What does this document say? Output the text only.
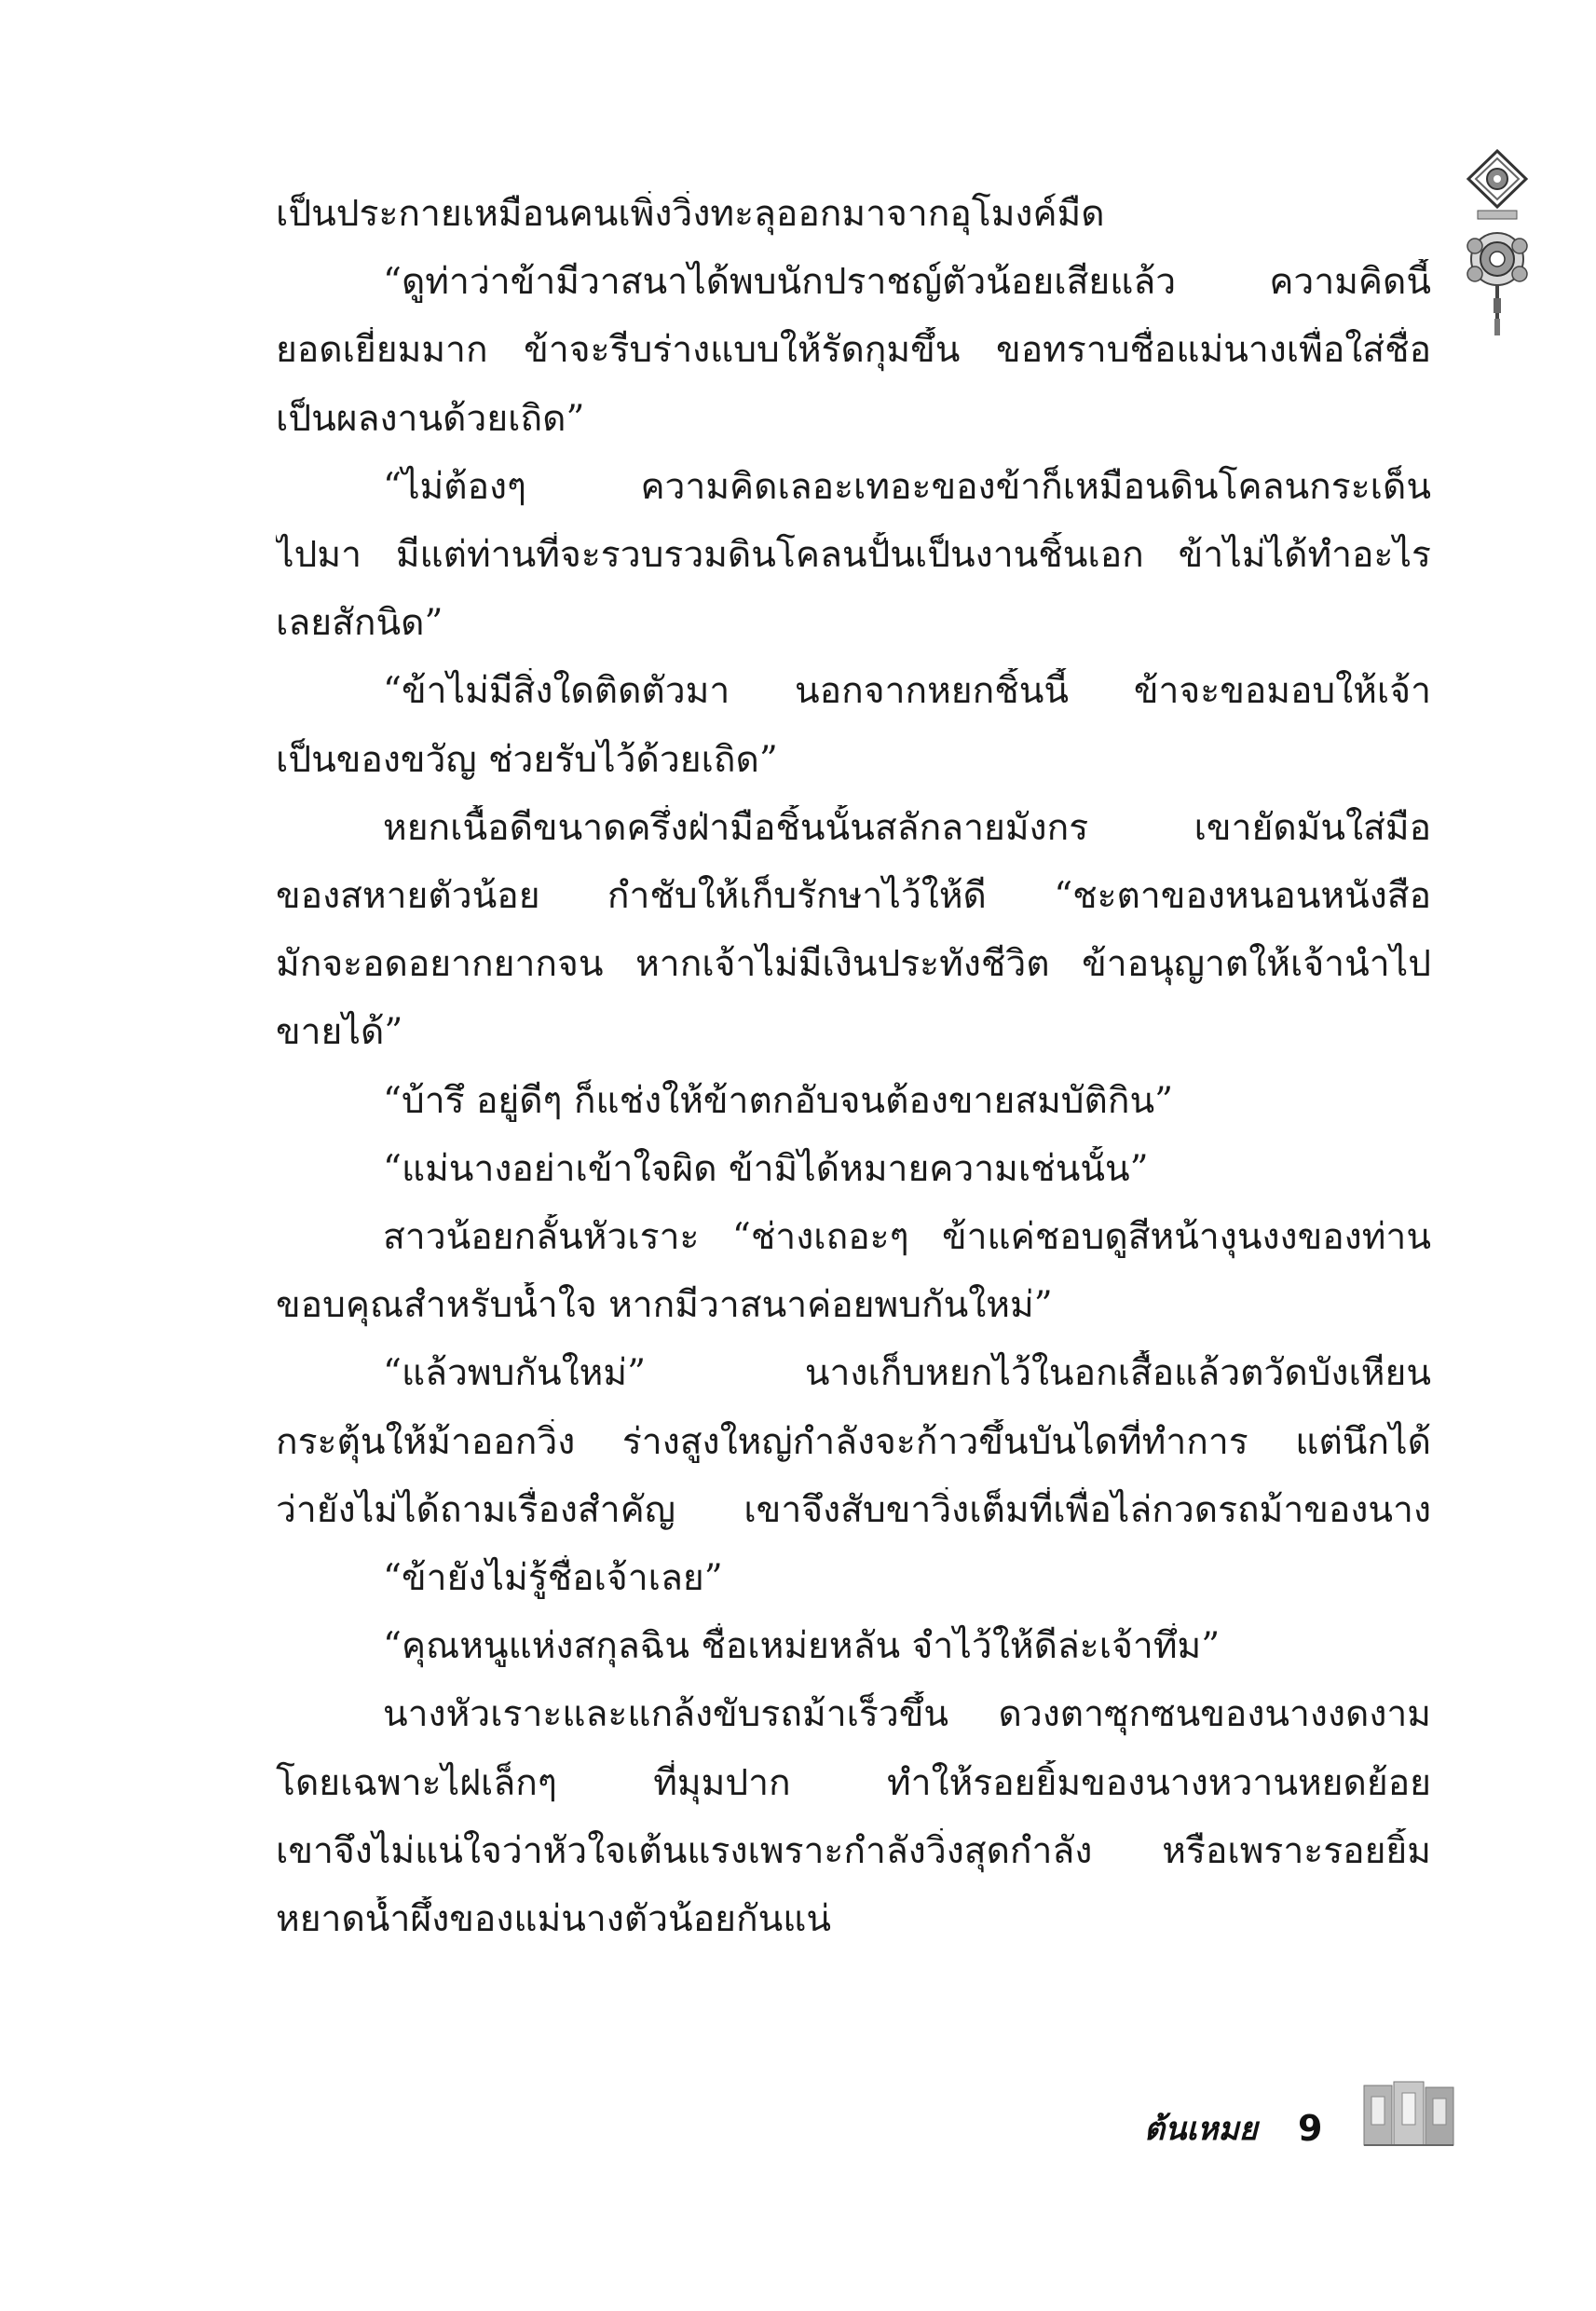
เป็นประกายเหมือนคนเพิ่งวิ่งทะลุออกมาจากอุโมงค์มืด
“ดูท่าว่าข้ามีวาสนาได้พบนักปราชญ์ตัวน้อยเสียแล้ว ความคิดนี้
ยอดเยี่ยมมาก ข้าจะรีบร่างแบบให้รัดกุมขึ้น ขอทราบชื่อแม่นางเพื่อใส่ชื่อ
เป็นผลงานด้วยเถิด”
“ไม่ต้องๆ ความคิดเลอะเทอะของข้าก็เหมือนดินโคลนกระเด็น
ไปมา มีแต่ท่านที่จะรวบรวมดินโคลนปั้นเป็นงานชิ้นเอก ข้าไม่ได้ทำอะไร
เลยสักนิด”
“ข้าไม่มีสิ่งใดติดตัวมา นอกจากหยกชิ้นนี้ ข้าจะขอมอบให้เจ้า
เป็นของขวัญ ช่วยรับไว้ด้วยเถิด”
หยกเนื้อดีขนาดครึ่งฝ่ามือชิ้นนั้นสลักลายมังกร เขายัดมันใส่มือ
ของสหายตัวน้อย กำชับให้เก็บรักษาไว้ให้ดี “ชะตาของหนอนหนังสือ
มักจะอดอยากยากจน หากเจ้าไม่มีเงินประทังชีวิต ข้าอนุญาตให้เจ้านำไป
ขายได้”
“บ้ารึ อยู่ดีๆ ก็แช่งให้ข้าตกอับจนต้องขายสมบัติกิน”
“แม่นางอย่าเข้าใจผิด ข้ามิได้หมายความเช่นนั้น”
สาวน้อยกลั้นหัวเราะ “ช่างเถอะๆ ข้าแค่ชอบดูสีหน้างุนงงของท่าน
ขอบคุณสำหรับน้ำใจ หากมีวาสนาค่อยพบกันใหม่”
“แล้วพบกันใหม่” นางเก็บหยกไว้ในอกเสื้อแล้วตวัดบังเหียน
กระตุ้นให้ม้าออกวิ่ง ร่างสูงใหญ่กำลังจะก้าวขึ้นบันไดที่ทำการ แต่นึกได้
ว่ายังไม่ได้ถามเรื่องสำคัญ เขาจึงสับขาวิ่งเต็มที่เพื่อไล่กวดรถม้าของนาง
“ข้ายังไม่รู้ชื่อเจ้าเลย”
“คุณหนูแห่งสกุลฉิน ชื่อเหม่ยหลัน จำไว้ให้ดีล่ะเจ้าทึ่ม”
นางหัวเราะและแกล้งขับรถม้าเร็วขึ้น ดวงตาซุกซนของนางงดงาม
โดยเฉพาะไฝเล็กๆ ที่มุมปาก ทำให้รอยยิ้มของนางหวานหยดย้อย
เขาจึงไม่แน่ใจว่าหัวใจเต้นแรงเพราะกำลังวิ่งสุดกำลัง หรือเพราะรอยยิ้ม
หยาดน้ำผึ้งของแม่นางตัวน้อยกันแน่
ต้นเหมย 9
